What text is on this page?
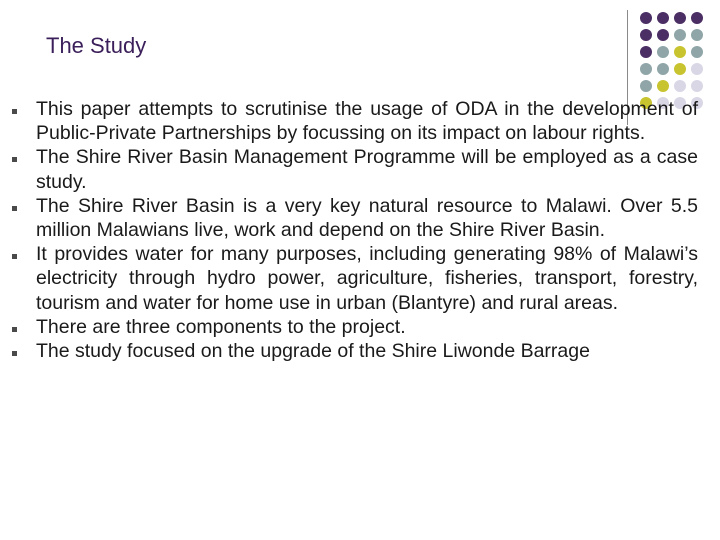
The Study
This paper attempts to scrutinise the usage of ODA in the development of Public-Private Partnerships by focussing on its impact on labour rights.
The Shire River Basin Management Programme will be employed as a case study.
The Shire River Basin is a very key natural resource to Malawi. Over 5.5 million Malawians live, work and depend on the Shire River Basin.
It provides water for many purposes, including generating 98% of Malawi’s electricity through hydro power, agriculture, fisheries, transport, forestry, tourism and water for home use in urban (Blantyre) and rural areas.
There are three components to the project.
The study focused on the upgrade of the Shire Liwonde Barrage
